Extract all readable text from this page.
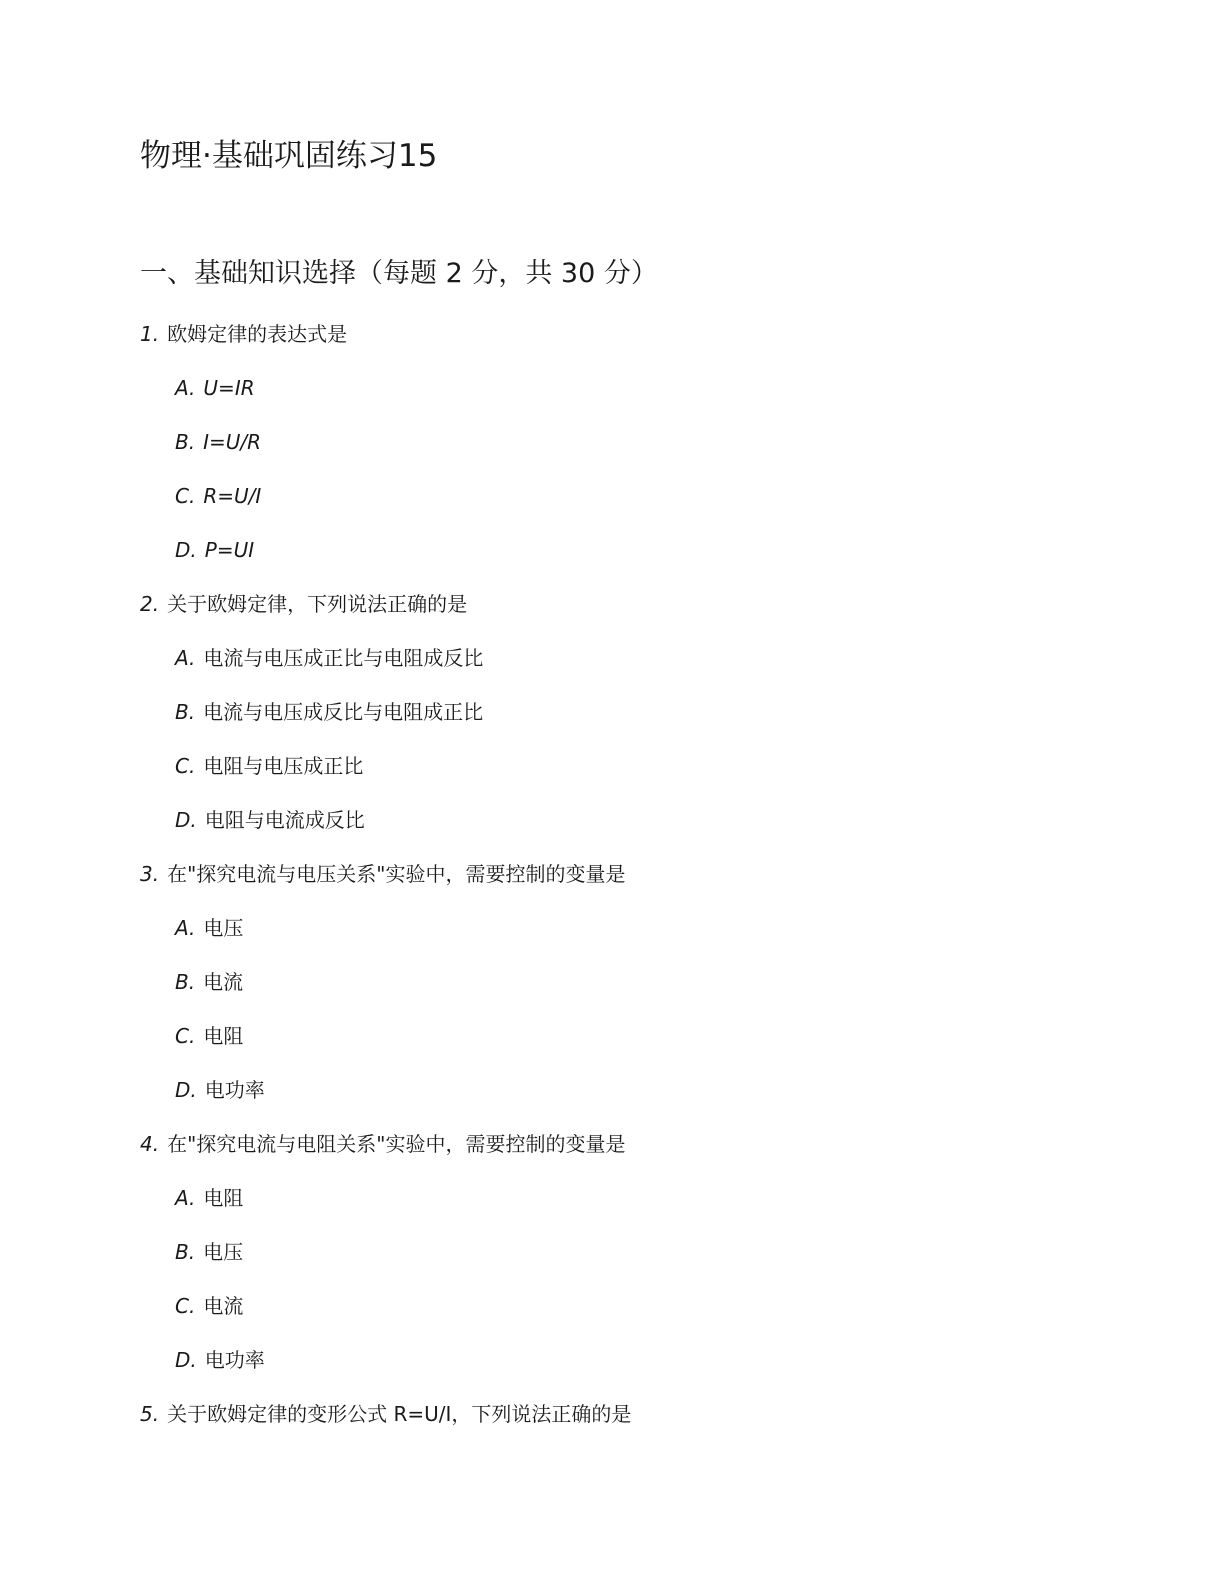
物理·基础巩固练习15
一、基础知识选择（每题 2 分，共 30 分）
1. 欧姆定律的表达式是
A. U=IR
B. I=U/R
C. R=U/I
D. P=UI
2. 关于欧姆定律，下列说法正确的是
A. 电流与电压成正比与电阻成反比
B. 电流与电压成反比与电阻成正比
C. 电阻与电压成正比
D. 电阻与电流成反比
3. 在"探究电流与电压关系"实验中，需要控制的变量是
A. 电压
B. 电流
C. 电阻
D. 电功率
4. 在"探究电流与电阻关系"实验中，需要控制的变量是
A. 电阻
B. 电压
C. 电流
D. 电功率
5. 关于欧姆定律的变形公式 R=U/I，下列说法正确的是
